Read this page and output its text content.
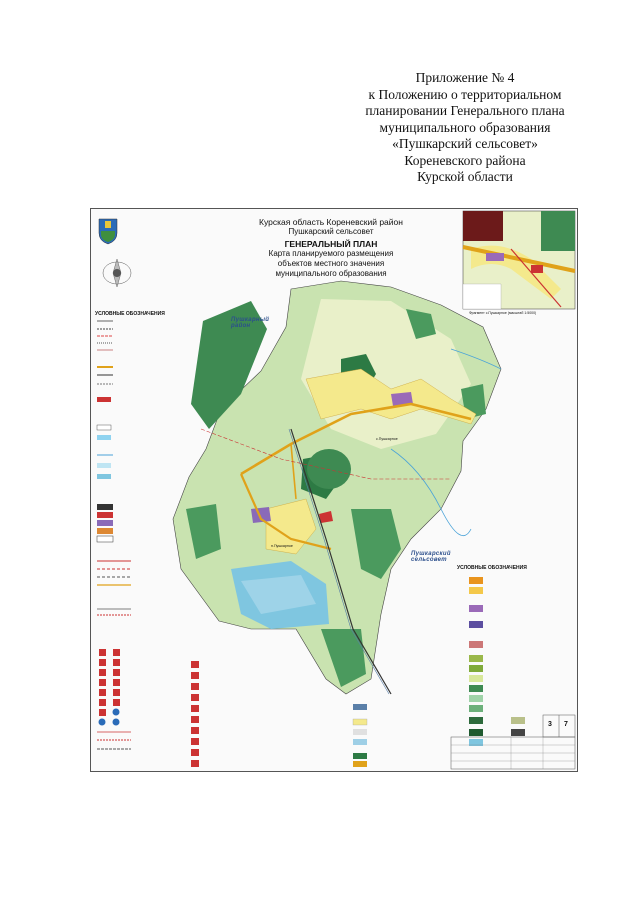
Приложение № 4
к Положению о территориальном
планировании Генерального плана
муниципального образования
«Пушкарский сельсовет»
Кореневского района
Курской области
Курская область Кореневский район
Пушкарский сельсовет
ГЕНЕРАЛЬНЫЙ ПЛАН
Карта планируемого размещения
объектов местного значения
муниципального образования
УСЛОВНЫЕ ОБОЗНАЧЕНИЯ
УСЛОВНЫЕ ОБОЗНАЧЕНИЯ
Пушкарный
район
Пушкарский
сельсовет
п.Пушкарное
с.Пушкарное
Фрагмент с.Пушкарное (масштаб 1:5000)
3 7
